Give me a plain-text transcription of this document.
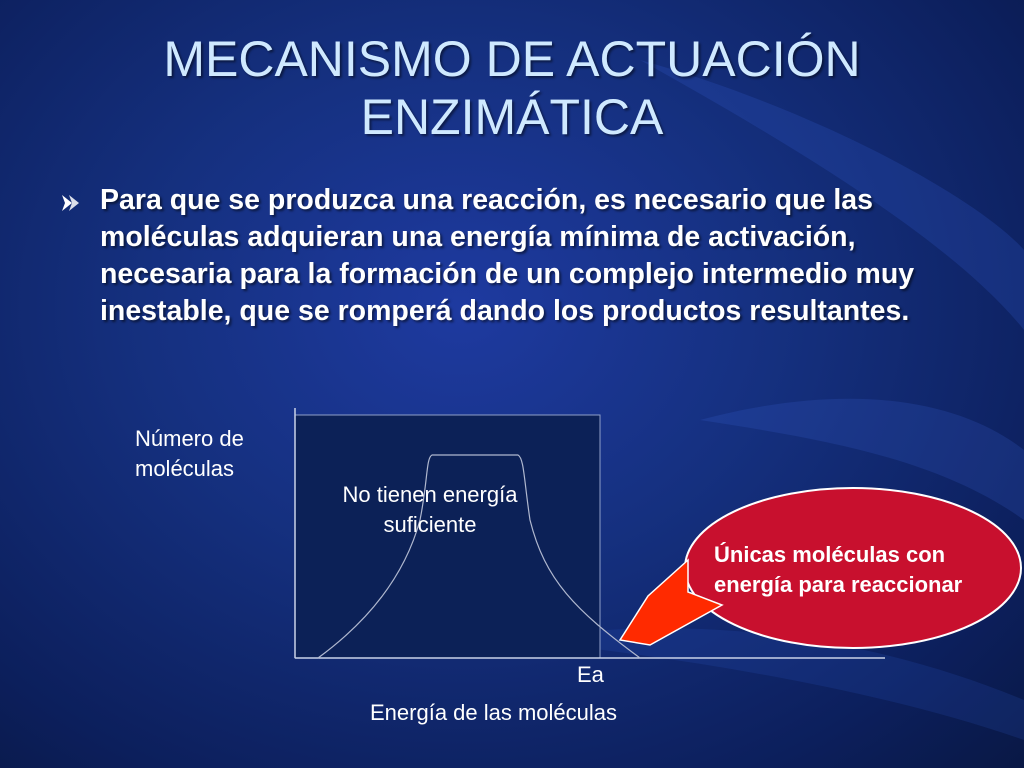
MECANISMO DE ACTUACIÓN ENZIMÁTICA
Para que se produzca una reacción, es necesario que las moléculas adquieran una energía mínima de activación, necesaria para la formación de un complejo intermedio muy inestable, que se romperá dando los productos resultantes.
Número de moléculas
No tienen energía suficiente
Ea
Energía de las moléculas
Únicas moléculas con energía para reaccionar
